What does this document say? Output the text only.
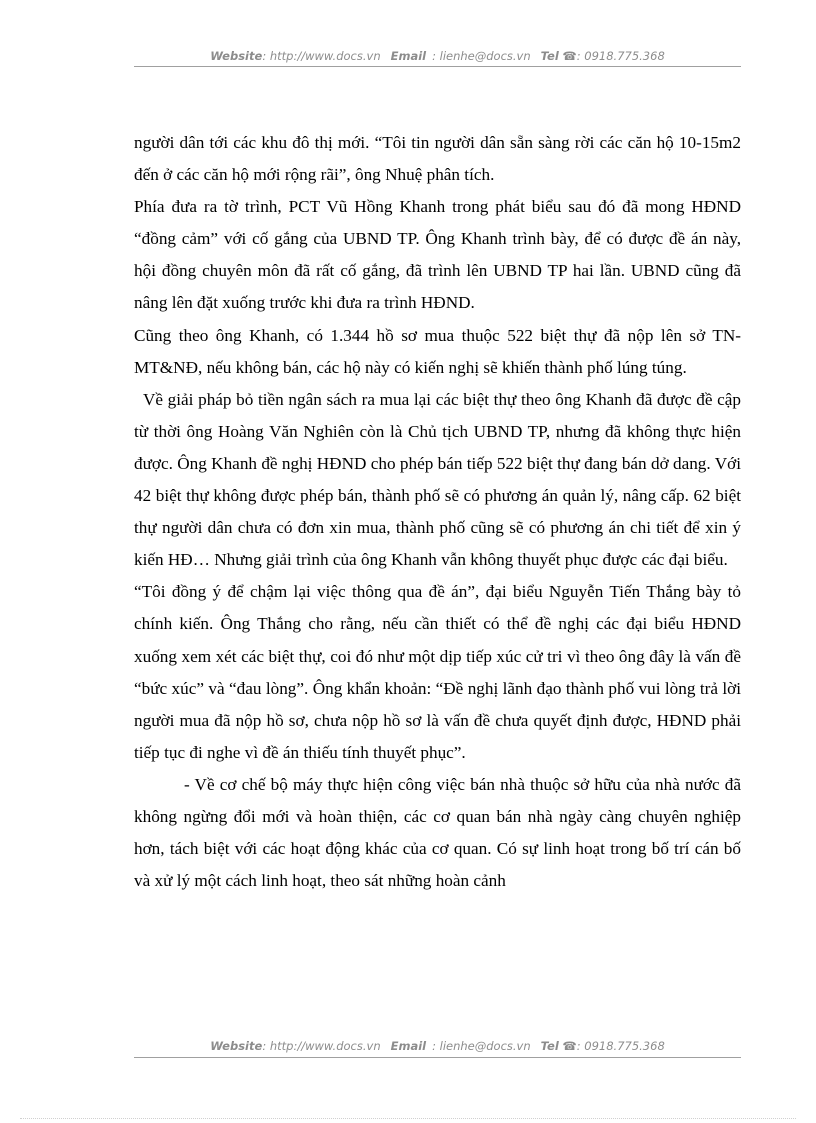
Website: http://www.docs.vn Email : lienhe@docs.vn Tel ☎: 0918.775.368

người dân tới các khu đô thị mới. “Tôi tin người dân sẵn sàng rời các căn hộ 10-15m2 đến ở các căn hộ mới rộng rãi”, ông Nhuệ phân tích.

Phía đưa ra tờ trình, PCT Vũ Hồng Khanh trong phát biểu sau đó đã mong HĐND “đồng cảm” với cố gắng của UBND TP. Ông Khanh trình bày, để có được đề án này, hội đồng chuyên môn đã rất cố gắng, đã trình lên UBND TP hai lần. UBND cũng đã nâng lên đặt xuống trước khi đưa ra trình HĐND.

Cũng theo ông Khanh, có 1.344 hồ sơ mua thuộc 522 biệt thự đã nộp lên sở TN-MT&NĐ, nếu không bán, các hộ này có kiến nghị sẽ khiến thành phố lúng túng.

Về giải pháp bỏ tiền ngân sách ra mua lại các biệt thự theo ông Khanh đã được đề cập từ thời ông Hoàng Văn Nghiên còn là Chủ tịch UBND TP, nhưng đã không thực hiện được. Ông Khanh đề nghị HĐND cho phép bán tiếp 522 biệt thự đang bán dở dang. Với 42 biệt thự không được phép bán, thành phố sẽ có phương án quản lý, nâng cấp. 62 biệt thự người dân chưa có đơn xin mua, thành phố cũng sẽ có phương án chi tiết để xin ý kiến HĐ… Nhưng giải trình của ông Khanh vẫn không thuyết phục được các đại biểu.

“Tôi đồng ý để chậm lại việc thông qua đề án”, đại biểu Nguyễn Tiến Thắng bày tỏ chính kiến. Ông Thắng cho rằng, nếu cần thiết có thể đề nghị các đại biểu HĐND xuống xem xét các biệt thự, coi đó như một dịp tiếp xúc cử tri vì theo ông đây là vấn đề “bức xúc” và “đau lòng”. Ông khẩn khoản: “Đề nghị lãnh đạo thành phố vui lòng trả lời người mua đã nộp hồ sơ, chưa nộp hồ sơ là vấn đề chưa quyết định được, HĐND phải tiếp tục đi nghe vì đề án thiếu tính thuyết phục”.

- Về cơ chế bộ máy thực hiện công việc bán nhà thuộc sở hữu của nhà nước đã không ngừng đổi mới và hoàn thiện, các cơ quan bán nhà ngày càng chuyên nghiệp hơn, tách biệt với các hoạt động khác của cơ quan. Có sự linh hoạt trong bố trí cán bố và xử lý một cách linh hoạt, theo sát những hoàn cảnh

Website: http://www.docs.vn Email : lienhe@docs.vn Tel ☎: 0918.775.368
